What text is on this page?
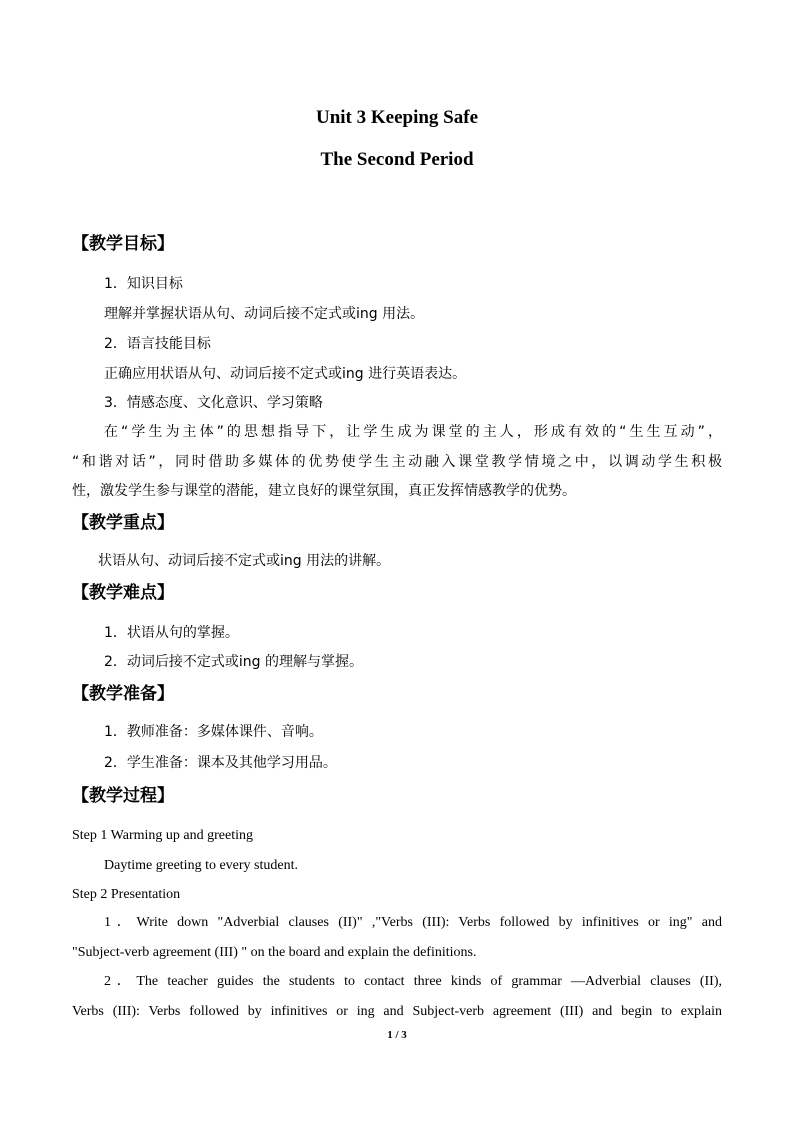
Unit 3 Keeping Safe
The Second Period
【教学目标】
1．知识目标
理解并掌握状语从句、动词后接不定式或ing 用法。
2．语言技能目标
正确应用状语从句、动词后接不定式或ing 进行英语表达。
3．情感态度、文化意识、学习策略
在“学生为主体”的思想指导下，让学生成为课堂的主人，形成有效的“生生互动”，
“和谐对话”，同时借助多媒体的优势使学生主动融入课堂教学情境之中，以调动学生积极
性，激发学生参与课堂的潜能，建立良好的课堂氛围，真正发挥情感教学的优势。
【教学重点】
状语从句、动词后接不定式或ing 用法的讲解。
【教学难点】
1．状语从句的掌握。
2．动词后接不定式或ing 的理解与掌握。
【教学准备】
1．教师准备：多媒体课件、音响。
2．学生准备：课本及其他学习用品。
【教学过程】
Step 1 Warming up and greeting
Daytime greeting to every student.
Step 2 Presentation
1．Write down "Adverbial clauses (II)" ,"Verbs (III): Verbs followed by infinitives or ing" and
"Subject-verb agreement (III) " on the board and explain the definitions.
2．The teacher guides the students to contact three kinds of grammar —Adverbial clauses (II),
Verbs (III): Verbs followed by infinitives or ing and Subject-verb agreement (III) and begin to explain
1 / 3
